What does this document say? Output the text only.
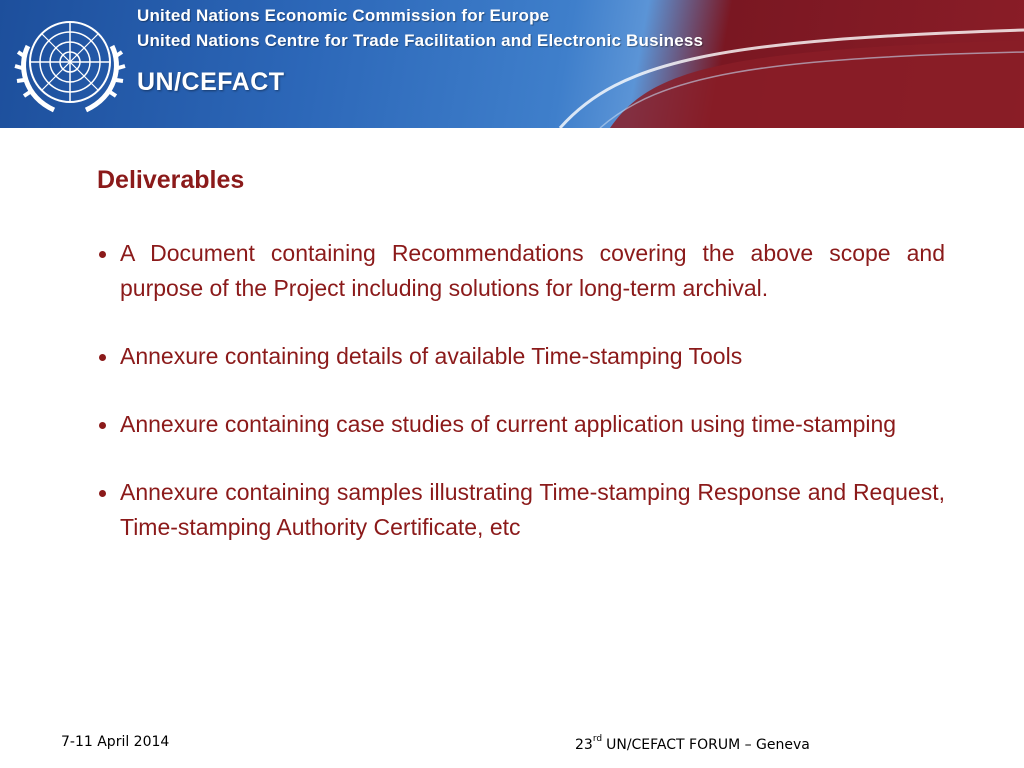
United Nations Economic Commission for Europe
United Nations Centre for Trade Facilitation and Electronic Business
UN/CEFACT
Deliverables
A Document containing Recommendations covering the above scope and purpose of the Project including solutions for long-term archival.
Annexure containing details of available Time-stamping Tools
Annexure containing case studies of current application using time-stamping
Annexure containing samples illustrating Time-stamping Response and Request, Time-stamping Authority Certificate, etc
7-11 April 2014	23rd UN/CEFACT FORUM – Geneva
